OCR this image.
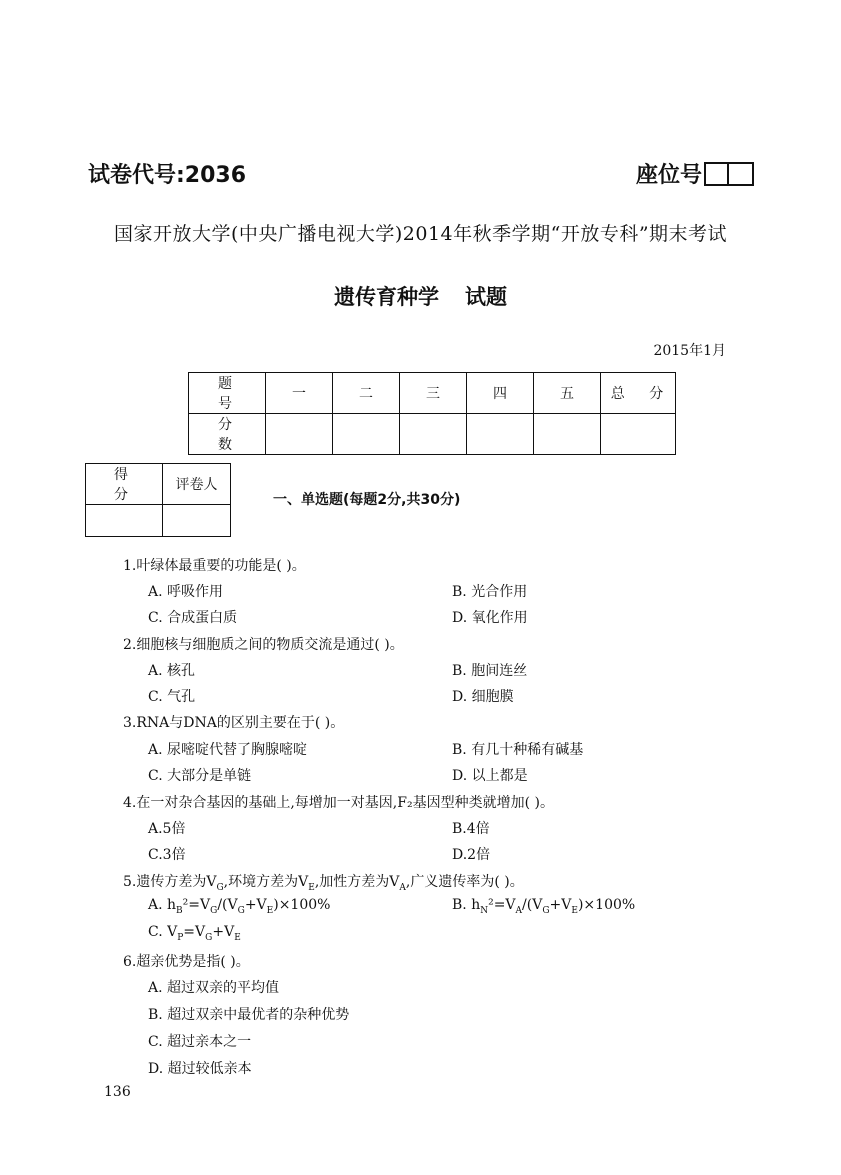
试卷代号:2036	座位号
国家开放大学(中央广播电视大学)2014年秋季学期“开放专科”期末考试
遗传育种学 试题
2015年1月
题 号	一	二	三	四	五	总 分
分 数						
得 分	评卷人

一、单选题(每题2分,共30分)
1.叶绿体最重要的功能是( )。
A. 呼吸作用	B. 光合作用
C. 合成蛋白质	D. 氧化作用
2.细胞核与细胞质之间的物质交流是通过( )。
A. 核孔	B. 胞间连丝
C. 气孔	D. 细胞膜
3.RNA与DNA的区别主要在于( )。
A. 尿嘧啶代替了胸腺嘧啶	B. 有几十种稀有碱基
C. 大部分是单链	D. 以上都是
4.在一对杂合基因的基础上,每增加一对基因,F₂基因型种类就增加( )。
A.5倍	B.4倍
C.3倍	D.2倍
5.遗传方差为$V_G$,环境方差为$V_E$,加性方差为$V_A$,广义遗传率为( )。
A. $h_B^2=V_G/(V_G+V_E)\times 100\%$	B. $h_N^2=V_A/(V_G+V_E)\times 100\%$
C. $V_P=V_G+V_E$
6.超亲优势是指( )。
A. 超过双亲的平均值
B. 超过双亲中最优者的杂种优势
C. 超过亲本之一
D. 超过较低亲本
136
